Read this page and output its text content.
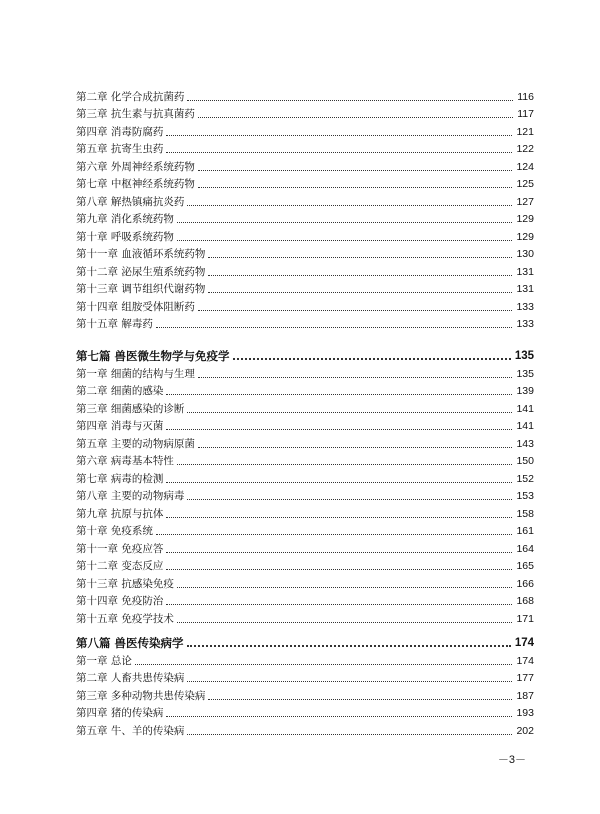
第二章 化学合成抗菌药	116
第三章 抗生素与抗真菌药	117
第四章 消毒防腐药	121
第五章 抗寄生虫药	122
第六章 外周神经系统药物	124
第七章 中枢神经系统药物	125
第八章 解热镇痛抗炎药	127
第九章 消化系统药物	129
第十章 呼吸系统药物	129
第十一章 血液循环系统药物	130
第十二章 泌尿生殖系统药物	131
第十三章 调节组织代谢药物	131
第十四章 组胺受体阻断药	133
第十五章 解毒药	133
第七篇 兽医微生物学与免疫学	135
第一章 细菌的结构与生理	135
第二章 细菌的感染	139
第三章 细菌感染的诊断	141
第四章 消毒与灭菌	141
第五章 主要的动物病原菌	143
第六章 病毒基本特性	150
第七章 病毒的检测	152
第八章 主要的动物病毒	153
第九章 抗原与抗体	158
第十章 免疫系统	161
第十一章 免疫应答	164
第十二章 变态反应	165
第十三章 抗感染免疫	166
第十四章 免疫防治	168
第十五章 免疫学技术	171
第八篇 兽医传染病学	174
第一章 总论	174
第二章 人畜共患传染病	177
第三章 多种动物共患传染病	187
第四章 猪的传染病	193
第五章 牛、羊的传染病	202
－3－
